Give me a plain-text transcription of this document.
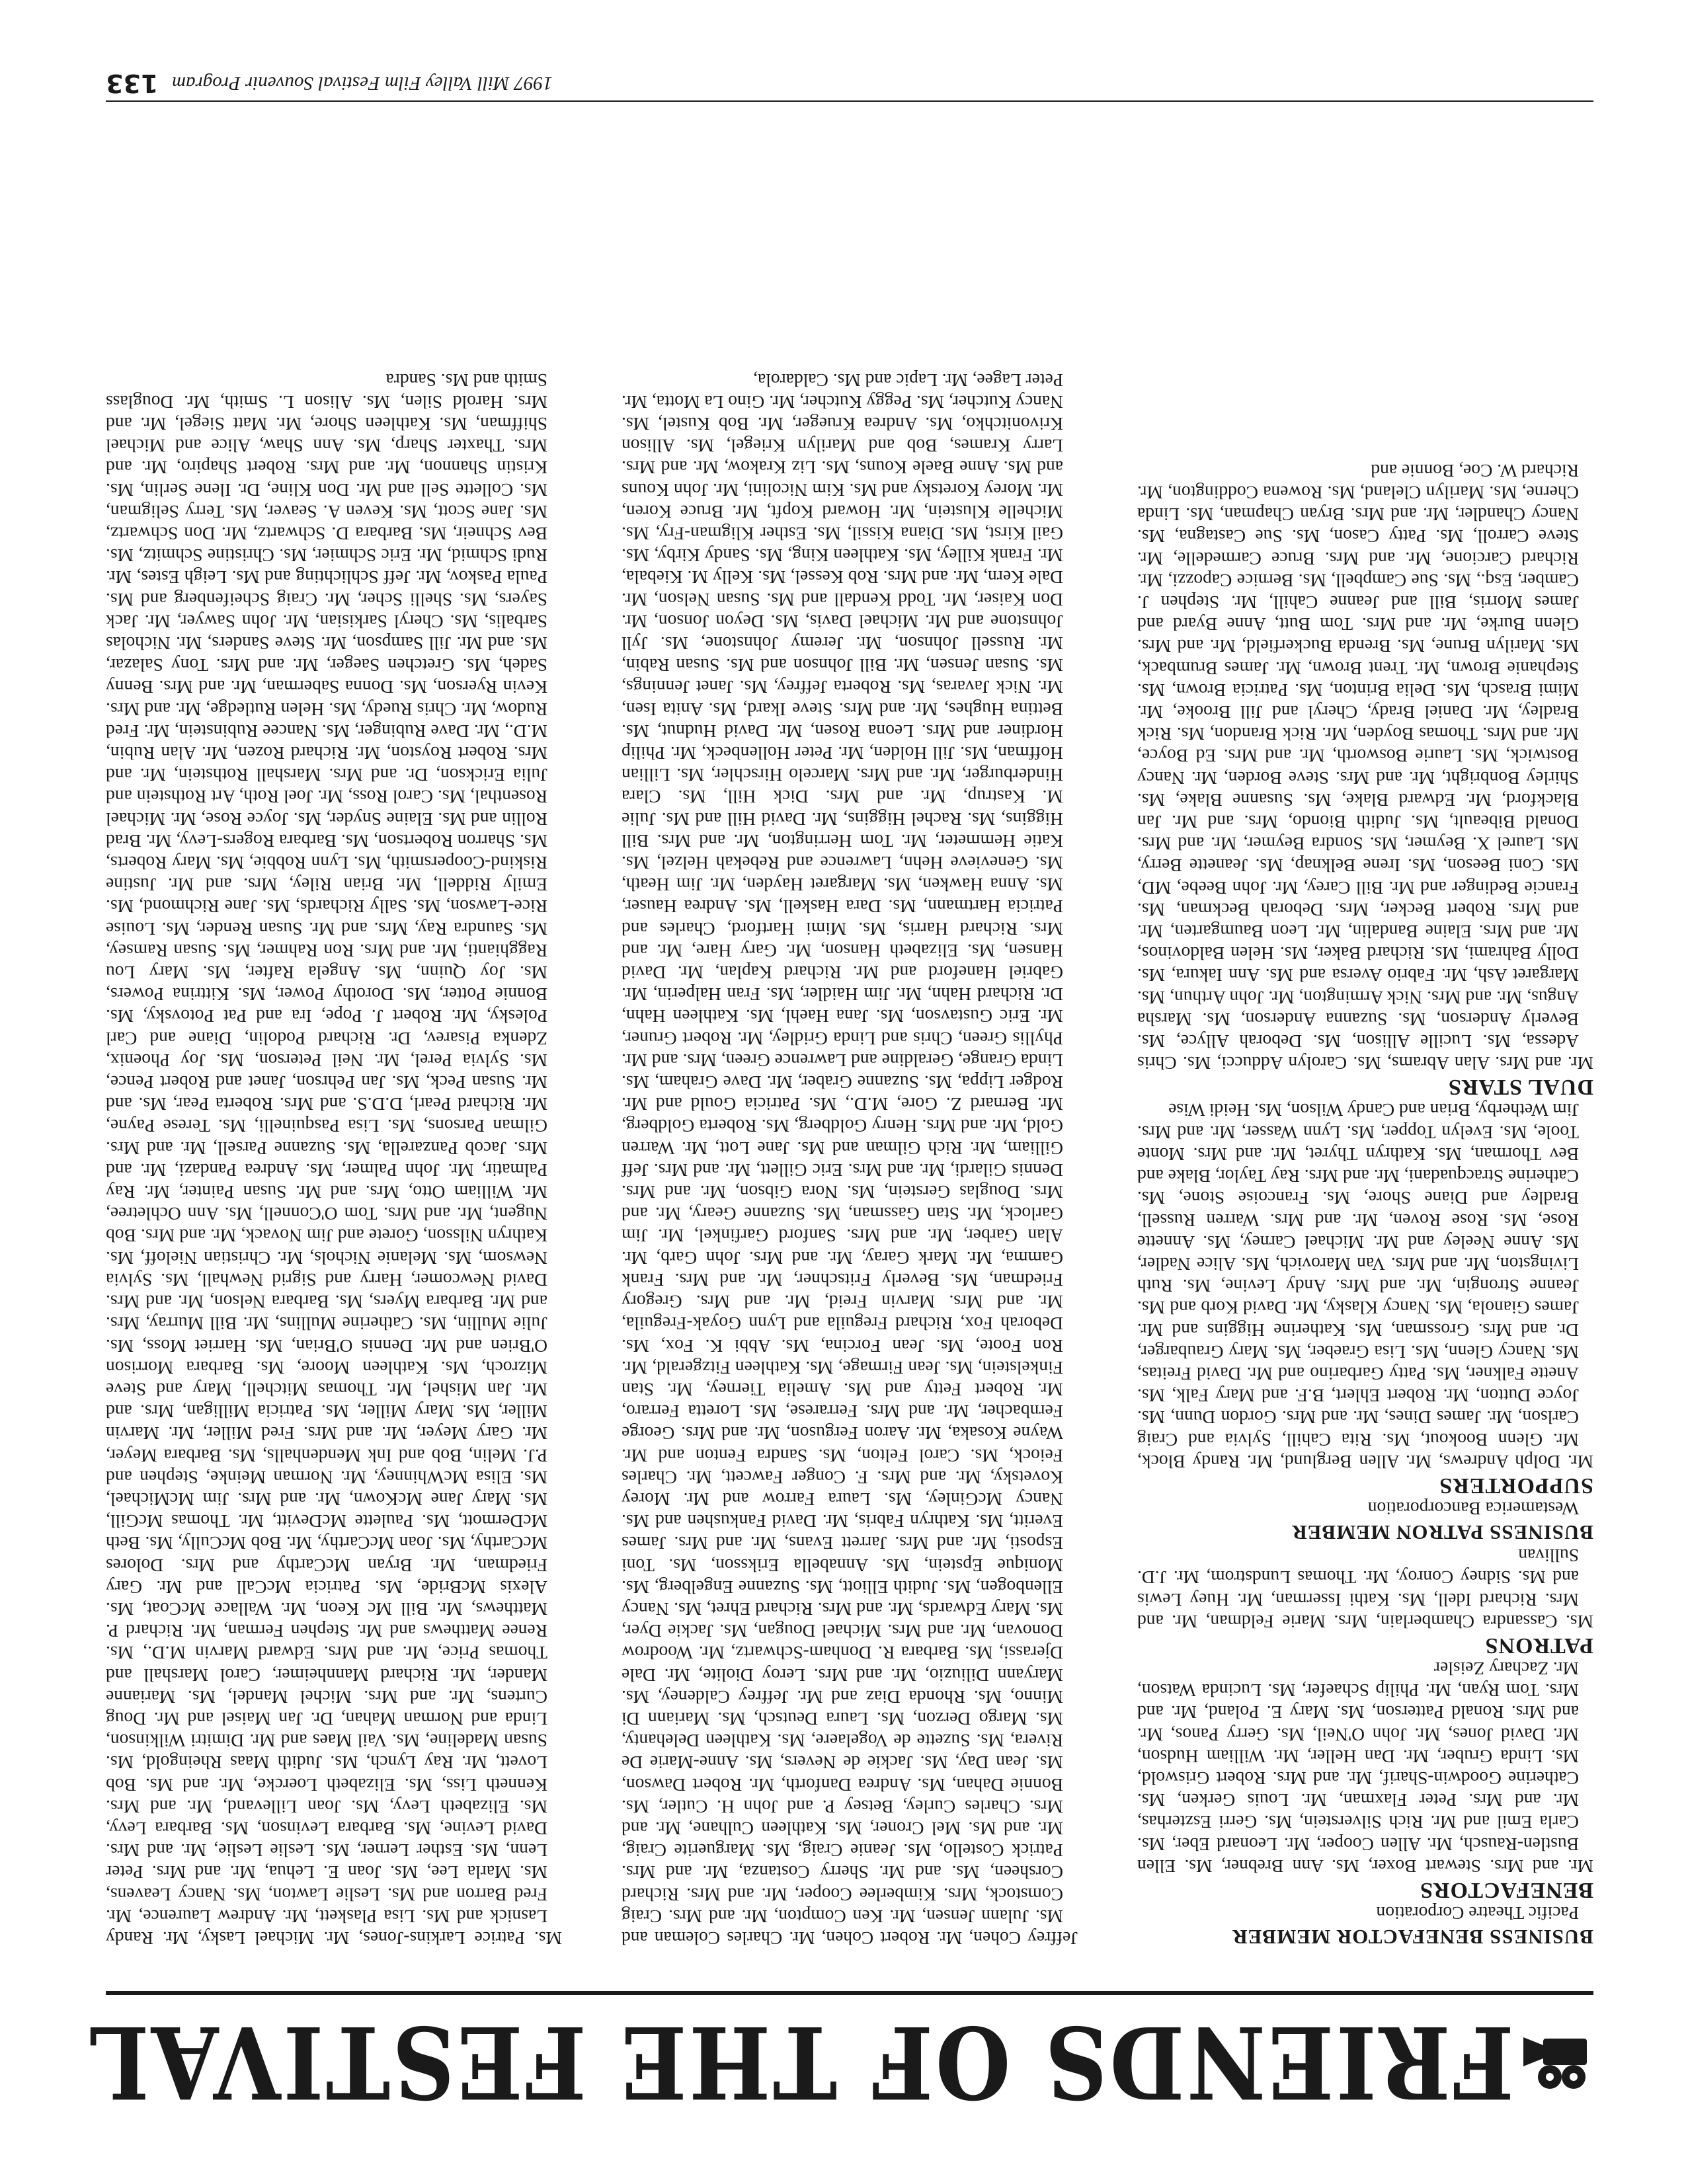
FRIENDS OF THE FESTIVAL

BUSINESS BENEFACTOR MEMBER

Pacific Theatre Corporation

BENEFACTORS

Mr. and Mrs. Stewart Boxer, Ms. Ann Brebner, Ms. Ellen Bustlen-Rausch, Mr. Allen Cooper, Mr. Leonard Eber, Ms. Carla Emil and Mr. Rich Silverstein, Ms. Gerri Eszterhas, Mr. and Mrs. Peter Flaxman, Mr. Louis Gerken, Ms. Catherine Goodwin-Sharif, Mr. and Mrs. Robert Griswold, Ms. Linda Gruber, Mr. Dan Heller, Mr. William Hudson, Mr. David Jones, Mr. John O'Neil, Ms. Gerry Panos, Mr. and Mrs. Ronald Patterson, Ms. Mary E. Poland, Mr. and Mrs. Tom Ryan, Mr. Philip Schaefer, Ms. Lucinda Watson, Mr. Zachary Zeisler

PATRONS

Ms. Cassandra Chamberlain, Mrs. Marie Feldman, Mr. and Mrs. Richard Idell, Ms. Kathi Isserman, Mr. Huey Lewis and Ms. Sidney Conroy, Mr. Thomas Lundstrom, Mr. J.D. Sullivan

BUSINESS PATRON MEMBER

Westamerica Bancorporation

SUPPORTERS

Mr. Dolph Andrews, Mr. Allen Berglund, Mr. Randy Block, Mr. Glenn Bookout, Ms. Rita Cahill, Sylvia and Craig Carlson, Mr. James Dines, Mr. and Mrs. Gordon Dunn, Ms. Joyce Dutton, Mr. Robert Ehlert, B.F. and Mary Falk, Ms. Anette Falkner, Ms. Patty Garbarino and Mr. David Freitas, Ms. Nancy Glenn, Ms. Lisa Graeber, Ms. Mary Graubarger, Dr. and Mrs. Grossman, Ms. Katherine Higgins and Mr. James Gianola, Ms. Nancy Klasky, Mr. David Korb and Ms. Jeanne Strongin, Mr. and Mrs. Andy Levine, Ms. Ruth Livingston, Mr. and Mrs. Van Marovich, Ms. Alice Nadler, Ms. Anne Neeley and Mr. Michael Carney, Ms. Annette Rose, Ms. Rose Roven, Mr. and Mrs. Warren Russell, Bradley and Diane Shore, Ms. Francoise Stone, Ms. Catherine Stracquadani, Mr. and Mrs. Ray Taylor, Blake and Bev Thorman, Ms. Kathryn Thyret, Mr. and Mrs. Monte Toole, Ms. Evelyn Topper, Ms. Lynn Wasser, Mr. and Mrs. Jim Wetherby, Brian and Candy Wilson, Ms. Heidi Wise

DUAL STARS

Mr. and Mrs. Alan Abrams, Ms. Carolyn Adducci, Ms. Chris Adessa, Ms. Lucille Allison, Ms. Deborah Allyce, Ms. Beverly Anderson, Ms. Suzanna Anderson, Ms. Marsha Angus, Mr. and Mrs. Nick Armington, Mr. John Arthun, Ms. Margaret Ash, Mr. Fabrio Aversa and Ms. Ann Iakura, Ms. Dolly Bahrami, Ms. Richard Baker, Ms. Helen Baldovinos, Mr. and Mrs. Elaine Bandalin, Mr. Leon Baumgarten, Mr. and Mrs. Robert Becker, Mrs. Deborah Beckman, Ms. Francie Bedinger and Mr. Bill Carey, Mr. John Beebe, MD, Ms. Coni Beeson, Ms. Irene Belknap, Ms. Jeanette Berry, Ms. Laurel X. Beymer, Ms. Sondra Beymer, Mr. and Mrs. Donald Bibeault, Ms. Judith Biondo, Mrs. and Mr. Jan Blackford, Mr. Edward Blake, Ms. Susanne Blake, Ms. Shirley Bonbright, Mr. and Mrs. Steve Borden, Mr. Nancy Bostwick, Ms. Laurie Bosworth, Mr. and Mrs. Ed Boyce, Mr. and Mrs. Thomas Boyden, Mr. Rick Brandon, Ms. Rick Bradley, Mr. Daniel Brady, Cheryl and Jill Brooke, Mr. Mimi Brasch, Ms. Delia Brinton, Ms. Patricia Brown, Ms. Stephanie Brown, Mr. Trent Brown, Mr. James Brumback, Ms. Marilyn Brune, Ms. Brenda Buckerfield, Mr. and Mrs. Glenn Burke, Mr. and Mrs. Tom Butt, Anne Byard and James Morris, Bill and Jeanne Cahill, Mr. Stephen J. Camber, Esq., Ms. Sue Campbell, Ms. Bernice Capozzi, Mr. Richard Carcione, Mr. and Mrs. Bruce Carmedelle, Mr. Steve Carroll, Ms. Patty Cason, Ms. Sue Castagna, Ms. Nancy Chandler, Mr. and Mrs. Bryan Chapman, Ms. Linda Cherne, Ms. Marilyn Cleland, Ms. Rowena Coddington, Mr. Richard W. Coe, Bonnie and

Jeffrey Cohen, Mr. Robert Cohen, Mr. Charles Coleman and Ms. Julann Jensen, Mr. Ken Compton, Mr. and Mrs. Craig Comstock, Mrs. Kimberlee Cooper, Mr. and Mrs. Richard Corsheen, Ms. and Mr. Sherry Costanza, Mr. and Mrs. Patrick Costello, Ms. Jeanie Craig, Ms. Marguerite Craig, Mr. and Ms. Mel Croner, Ms. Kathleen Culhane, Mr. and Mrs. Charles Curley, Betsey P. and John H. Cutler, Ms. Bonnie Dahan, Ms. Andrea Danforth, Mr. Robert Dawson, Ms. Jean Day, Ms. Jackie de Nevers, Ms. Anne-Marie De Rivera, Ms. Suzette de Vogelaere, Ms. Kathleen Delehanty, Ms. Margo Derzon, Ms. Laura Deutsch, Ms. Mariann Di Minno, Ms. Rhonda Diaz and Mr. Jeffrey Caldeney, Ms. Maryann Diliuzio, Mr. and Mrs. Leroy Diolite, Mr. Dale Djerassi, Ms. Barbara R. Donham-Schwartz, Mr. Woodrow Donovan, Mr. and Mrs. Michael Dougan, Ms. Jackie Dyer, Ms. Mary Edwards, Mr. and Mrs. Richard Ehret, Ms. Nancy Ellenbogen, Ms. Judith Elliott, Ms. Suzanne Engelberg, Ms. Monique Epstein, Ms. Annabella Eriksson, Ms. Toni Esposti, Mr. and Mrs. Jarrett Evans, Mr. and Mrs. James Everitt, Ms. Kathryn Fabris, Mr. David Fankushen and Ms. Nancy McGinley, Ms. Laura Farrow and Mr. Morey Kovetsky, Mr. and Mrs. F. Conger Fawcett, Mr. Charles Feiock, Ms. Carol Felton, Ms. Sandra Fenton and Mr. Wayne Kosaka, Mr. Aaron Ferguson, Mr. and Mrs. George Fernbacher, Mr. and Mrs. Ferrarese, Ms. Loretta Ferraro, Mr. Robert Fetty and Ms. Amelia Tierney, Mr. Stan Finkelstein, Ms. Jean Firmage, Ms. Kathleen Fitzgerald, Mr. Ron Foote, Ms. Jean Forcina, Ms. Abbi K. Fox, Ms. Deborah Fox, Richard Freguila and Lynn Goyak-Freguila, Mr. and Mrs. Marvin Freid, Mr. and Mrs. Gregory Friedman, Ms. Beverly Fritschner, Mr. and Mrs. Frank Gamma, Mr. Mark Garay, Mr. and Mrs. John Garb, Mr. Alan Garber, Mr. and Mrs. Sanford Garfinkel, Mr. Jim Garlock, Mr. Stan Gassman, Ms. Suzanne Geary, Mr. and Mrs. Douglas Gerstein, Ms. Nora Gibson, Mr. and Mrs. Dennis Gilardi, Mr. and Mrs. Eric Gillett, Mr. and Mrs. Jeff Gilliam, Mr. Rich Gilman and Ms. Jane Lott, Mr. Warren Gold, Mr. and Mrs. Henry Goldberg, Ms. Roberta Goldberg, Mr. Bernard Z. Gore, M.D., Ms. Patricia Gould and Mr. Rodger Lippa, Ms. Suzanne Graber, Mr. Dave Graham, Ms. Linda Grange, Geraldine and Lawrence Green, Mrs. and Mr. Phyllis Green, Chris and Linda Gridley, Mr. Robert Gruner, Mr. Eric Gustavson, Ms. Jana Haehl, Ms. Kathleen Hahn, Dr. Richard Hahn, Mr. Jim Haidler, Ms. Fran Halperin, Mr. Gabriel Haneford and Mr. Richard Kaplan, Mr. David Hansen, Ms. Elizabeth Hanson, Mr. Gary Hare, Mr. and Mrs. Richard Harris, Ms. Mimi Hartford, Charles and Patricia Hartmann, Ms. Dara Haskell, Ms. Andrea Hauser, Ms. Anna Hawken, Ms. Margaret Hayden, Mr. Jim Heath, Ms. Genevieve Hehn, Lawrence and Rebekah Helzel, Ms. Katie Hemmeter, Mr. Tom Herrington, Mr. and Mrs. Bill Higgins, Ms. Rachel Higgins, Mr. David Hill and Ms. Julie M. Kastrup, Mr. and Mrs. Dick Hill, Ms. Clara Hinderburger, Mr. and Mrs. Marcelo Hirschler, Ms. Lillian Hoffman, Ms. Jill Holden, Mr. Peter Hollenbeck, Mr. Philip Hordiner and Mrs. Leona Rosen, Mr. David Hudnut, Ms. Bettina Hughes, Mr. and Mrs. Steve Ikard, Ms. Anita Isen, Mr. Nick Javaras, Ms. Roberta Jeffrey, Ms. Janet Jennings, Ms. Susan Jensen, Mr. Bill Johnson and Ms. Susan Rabin, Mr. Russell Johnson, Mr. Jeremy Johnstone, Ms. Jyll Johnstone and Mr. Michael Davis, Ms. Deyon Jonson, Mr. Don Kaiser, Mr. Todd Kendall and Ms. Susan Nelson, Mr. Dale Kern, Mr. and Mrs. Rob Kessel, Ms. Kelly M. Kiebala, Mr. Frank Killey, Ms. Kathleen King, Ms. Sandy Kirby, Ms. Gail Kirst, Ms. Diana Kissil, Ms. Esther Kligman-Fry, Ms. Michelle Klustein, Mr. Howard Kopft, Mr. Bruce Koren, Mr. Morey Koretsky and Ms. Kim Nicolini, Mr. John Kouns and Ms. Anne Baele Kouns, Ms. Liz Krakow, Mr. and Mrs. Larry Krames, Bob and Marilyn Kriegel, Ms. Allison Krivonitchko, Ms. Andrea Krueger, Mr. Bob Kustel, Ms. Nancy Kutcher, Ms. Peggy Kutcher, Mr. Gino La Motta, Mr. Peter Lagee, Mr. Lapic and Ms. Caldarola,

Ms. Patrice Larkins-Jones, Mr. Michael Lasky, Mr. Randy Lasnick and Ms. Lisa Plaskett, Mr. Andrew Laurence, Mr. Fred Barron and Ms. Leslie Lawton, Ms. Nancy Leavens, Ms. Marla Lee, Ms. Joan E. Lehua, Mr. and Mrs. Peter Lenn, Ms. Esther Lerner, Ms. Leslie Leslie, Mr. and Mrs. David Levine, Ms. Barbara Levinson, Ms. Barbara Levy, Ms. Elizabeth Levy, Ms. Joan Lillevand, Mr. and Mrs. Kenneth Liss, Ms. Elizabeth Loercke, Mr. and Ms. Bob Lovett, Mr. Ray Lynch, Ms. Judith Maas Rheingold, Ms. Susan Madeline, Ms. Vail Maes and Mr. Dimitri Wilkinson, Linda and Norman Mahan, Dr. Jan Maisel and Mr. Doug Curtens, Mr. and Mrs. Michel Mandel, Ms. Marianne Mander, Mr. Richard Mannheimer, Carol Marshall and Thomas Price, Mr. and Mrs. Edward Marvin M.D., Ms. Renee Matthews and Mr. Stephen Ferman, Mr. Richard P. Matthews, Mr. Bill Mc Keon, Mr. Wallace McCoat, Ms. Alexis McBride, Ms. Patricia McCall and Mr. Gary Friedman, Mr. Bryan McCarthy and Mrs. Dolores McCarthy, Ms. Joan McCarthy, Mr. Bob McCully, Ms. Beth McDermott, Ms. Paulette McDevitt, Mr. Thomas McGill, Ms. Mary Jane McKown, Mr. and Mrs. Jim McMichael, Ms. Elisa McWhinney, Mr. Norman Meinke, Stephen and P.J. Melin, Bob and Ink Mendenhalls, Ms. Barbara Meyer, Mr. Gary Meyer, Mr. and Mrs. Fred Miller, Mr. Marvin Miller, Ms. Mary Miller, Ms. Patricia Milligan, Mrs. and Mr. Jan Mishel, Mr. Thomas Mitchell, Mary and Steve Mizroch, Ms. Kathleen Moore, Ms. Barbara Morrison O'Brien and Mr. Dennis O'Brian, Ms. Harriet Moss, Ms. Julie Mullin, Ms. Catherine Mullins, Mr. Bill Murray, Mrs. and Mr. Barbara Myers, Ms. Barbara Nelson, Mr. and Mrs. David Newcomer, Harry and Sigrid Newhall, Ms. Sylvia Newsom, Ms. Melanie Nichols, Mr. Christian Nieloff, Ms. Kathryn Nilsson, Gorete and Jim Novack, Mr. and Mrs. Bob Nugent, Mr. and Mrs. Tom O'Connell, Ms. Ann Ochletree, Mr. William Otto, Mrs. and Mr. Susan Painter, Mr. Ray Palmatir, Mr. John Palmer, Ms. Andrea Pandazi, Mr. and Mrs. Jacob Panzarella, Ms. Suzanne Parsell, Mr. and Mrs. Gilman Parsons, Ms. Lisa Pasquinelli, Ms. Terese Payne, Mr. Richard Pearl, D.D.S. and Mrs. Roberta Pear, Ms. and Mr. Susan Peck, Ms. Jan Pehrson, Janet and Robert Pence, Ms. Sylvia Perel, Mr. Neil Peterson, Ms. Joy Phoenix, Zdenka Pisarev, Dr. Richard Podolin, Diane and Carl Polesky, Mr. Robert J. Pope, Ira and Pat Potovsky, Ms. Bonnie Potter, Ms. Dorothy Power, Ms. Kittrina Powers, Ms. Joy Quinn, Ms. Angela Rafter, Ms. Mary Lou Ragghianti, Mr. and Mrs. Ron Rahmer, Ms. Susan Ramsey, Ms. Saundra Ray, Mrs. and Mr. Susan Render, Ms. Louise Rice-Lawson, Ms. Sally Richards, Ms. Jane Richmond, Ms. Emily Riddell, Mr. Brian Riley, Mrs. and Mr. Justine Riskind-Coopersmith, Ms. Lynn Robbie, Ms. Mary Roberts, Ms. Sharron Robertson, Ms. Barbara Rogers-Levy, Mr. Brad Rollin and Ms. Elaine Snyder, Ms. Joyce Rose, Mr. Michael Rosenthal, Ms. Carol Ross, Mr. Joel Roth, Art Rothstein and Julia Erickson, Dr. and Mrs. Marshall Rothstein, Mr. and Mrs. Robert Royston, Mr. Richard Rozen, Mr. Alan Rubin, M.D., Mr. Dave Rubinger, Ms. Nancee Rubinstein, Mr. Fred Rudow, Mr. Chris Ruedy, Ms. Helen Rutledge, Mr. and Mrs. Kevin Ryerson, Ms. Donna Saberman, Mr. and Mrs. Benny Sadeh, Ms. Gretchen Saeger, Mr. and Mrs. Tony Salazar, Ms. and Mr. Jill Sampson, Mr. Steve Sanders, Mr. Nicholas Sarbalis, Ms. Cheryl Sarkisian, Mr. John Sawyer, Mr. Jack Sayers, Ms. Shelli Scher, Mr. Craig Scheifenberg and Ms. Paula Paskov, Mr. Jeff Schlichting and Ms. Leigh Estes, Mr. Rudi Schmid, Mr. Eric Schmier, Ms. Christine Schmitz, Ms. Bev Schneir, Ms. Barbara D. Schwartz, Mr. Don Schwartz, Ms. Jane Scott, Ms. Keven A. Seaver, Ms. Terry Seligman, Ms. Collette Sell and Mr. Don Kline, Dr. Ilene Serlin, Ms. Kristin Shannon, Mr. and Mrs. Robert Shapiro, Mr. and Mrs. Thaxter Sharp, Ms. Ann Shaw, Alice and Michael Shiffman, Ms. Kathleen Shore, Mr. Matt Siegel, Mr. and Mrs. Harold Silen, Ms. Alison L. Smith, Mr. Douglass Smith and Ms. Sandra

1997 Mill Valley Film Festival Souvenir Program
133
